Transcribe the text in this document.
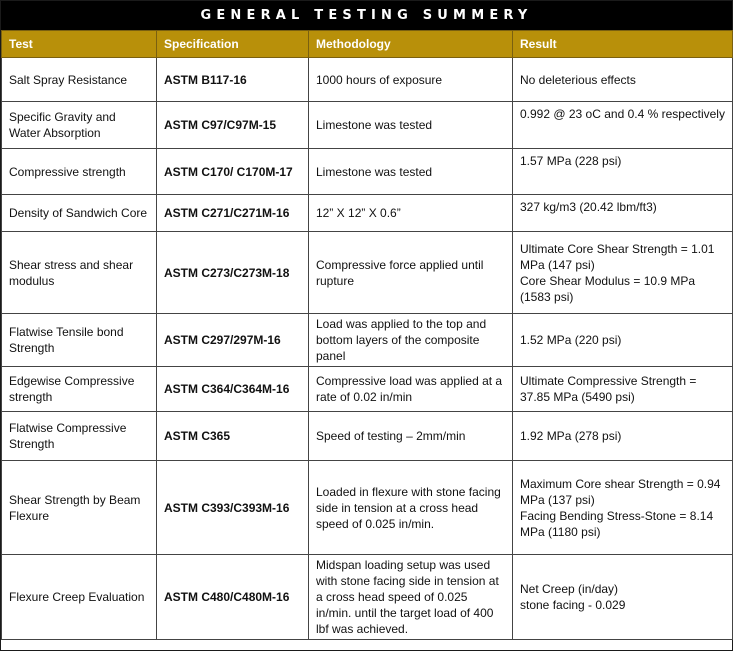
GENERAL TESTING SUMMERY
Test	Specification	Methodology	Result
Salt Spray Resistance	ASTM B117-16	1000 hours of exposure	No deleterious effects

Specific Gravity and Water Absorption	ASTM C97/C97M-15	Limestone was tested	0.992 @ 23 oC and 0.4 % respectively

Compressive strength	ASTM C170/ C170M-17	Limestone was tested	1.57 MPa (228 psi)

Density of Sandwich Core	ASTM C271/C271M-16	12” X 12” X 0.6”	327 kg/m3 (20.42 lbm/ft3)

Shear stress and shear modulus	ASTM C273/C273M-18	Compressive force applied until rupture	Ultimate Core Shear Strength = 1.01 MPa (147 psi)
Core Shear Modulus = 10.9 MPa (1583 psi)

Flatwise Tensile bond Strength	ASTM C297/297M-16	Load was applied to the top and bottom layers of the composite panel	1.52 MPa (220 psi)

Edgewise Compressive strength	ASTM C364/C364M-16	Compressive load was applied at a rate of 0.02 in/min	Ultimate Compressive Strength = 37.85 MPa (5490 psi)

Flatwise Compressive Strength	ASTM C365	Speed of testing – 2mm/min	1.92 MPa (278 psi)

Shear Strength by Beam Flexure	ASTM C393/C393M-16	Loaded in flexure with stone facing side in tension at a cross head speed of 0.025 in/min.	Maximum Core shear Strength = 0.94 MPa (137 psi)
Facing Bending Stress-Stone = 8.14 MPa (1180 psi)

Flexure Creep Evaluation	ASTM C480/C480M-16	Midspan loading setup was used with stone facing side in tension at a cross head speed of 0.025 in/min. until the target load of 400 lbf was achieved.	Net Creep (in/day)
stone facing - 0.029
